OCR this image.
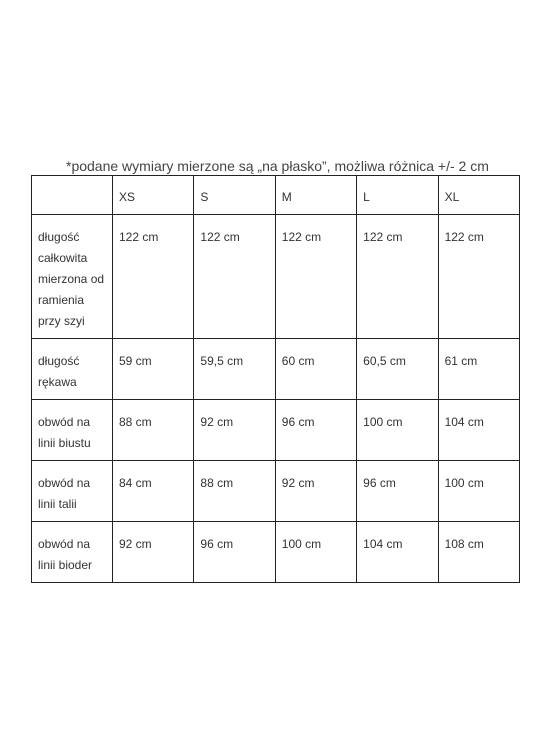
*podane wymiary mierzone są „na płasko”, możliwa różnica +/- 2 cm
	XS	S	M	L	XL
długość całkowita mierzona od ramienia przy szyi	122 cm	122 cm	122 cm	122 cm	122 cm
długość rękawa	59 cm	59,5 cm	60 cm	60,5 cm	61 cm
obwód na linii biustu	88 cm	92 cm	96 cm	100 cm	104 cm
obwód na linii talii	84 cm	88 cm	92 cm	96 cm	100 cm
obwód na linii bioder	92 cm	96 cm	100 cm	104 cm	108 cm
